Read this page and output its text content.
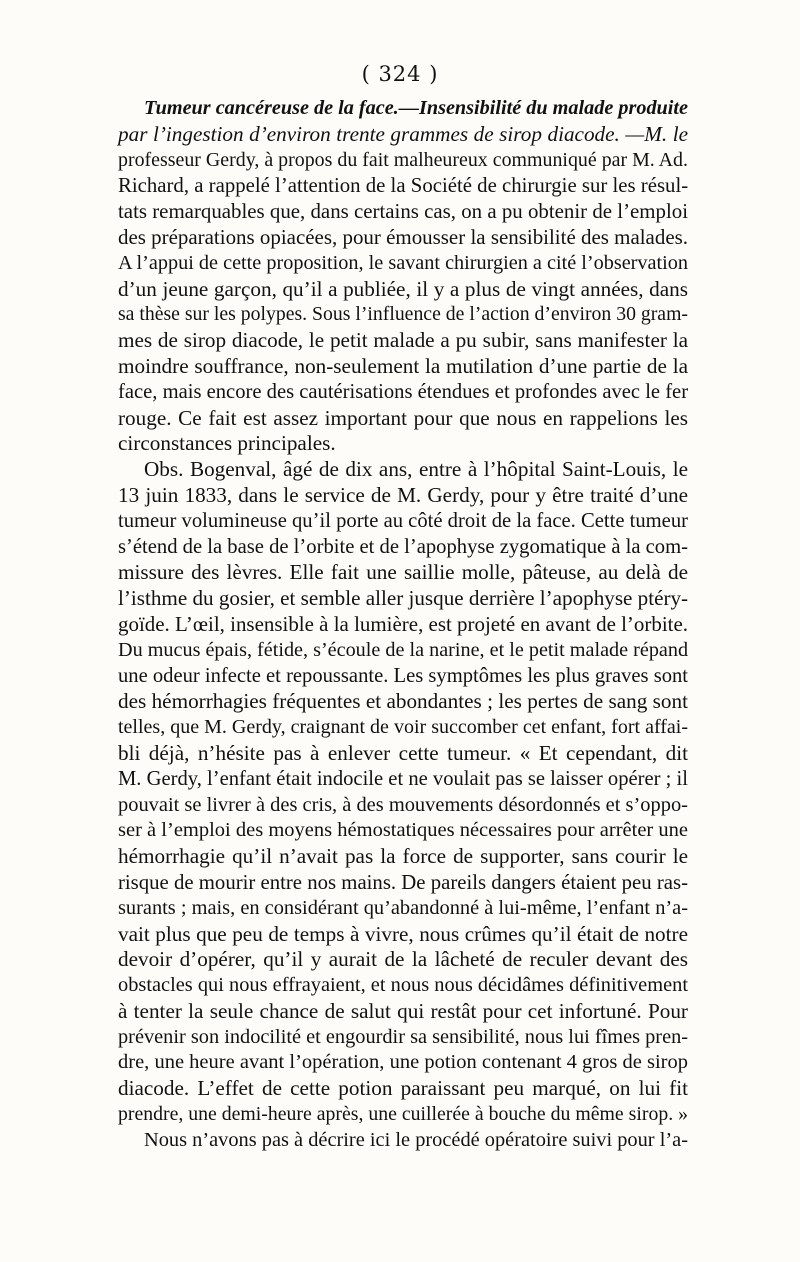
( 324 )

Tumeur cancéreuse de la face.—Insensibilité du malade produite
par l’ingestion d’environ trente grammes de sirop diacode. —M. le
professeur Gerdy, à propos du fait malheureux communiqué par M. Ad.
Richard, a rappelé l’attention de la Société de chirurgie sur les résul-
tats remarquables que, dans certains cas, on a pu obtenir de l’emploi
des préparations opiacées, pour émousser la sensibilité des malades.
A l’appui de cette proposition, le savant chirurgien a cité l’observation
d’un jeune garçon, qu’il a publiée, il y a plus de vingt années, dans
sa thèse sur les polypes. Sous l’influence de l’action d’environ 30 gram-
mes de sirop diacode, le petit malade a pu subir, sans manifester la
moindre souffrance, non-seulement la mutilation d’une partie de la
face, mais encore des cautérisations étendues et profondes avec le fer
rouge. Ce fait est assez important pour que nous en rappelions les
circonstances principales.

Obs. Bogenval, âgé de dix ans, entre à l’hôpital Saint-Louis, le
13 juin 1833, dans le service de M. Gerdy, pour y être traité d’une
tumeur volumineuse qu’il porte au côté droit de la face. Cette tumeur
s’étend de la base de l’orbite et de l’apophyse zygomatique à la com-
missure des lèvres. Elle fait une saillie molle, pâteuse, au delà de
l’isthme du gosier, et semble aller jusque derrière l’apophyse ptéry-
goïde. L’œil, insensible à la lumière, est projeté en avant de l’orbite.
Du mucus épais, fétide, s’écoule de la narine, et le petit malade répand
une odeur infecte et repoussante. Les symptômes les plus graves sont
des hémorrhagies fréquentes et abondantes ; les pertes de sang sont
telles, que M. Gerdy, craignant de voir succomber cet enfant, fort affai-
bli déjà, n’hésite pas à enlever cette tumeur. « Et cependant, dit
M. Gerdy, l’enfant était indocile et ne voulait pas se laisser opérer ; il
pouvait se livrer à des cris, à des mouvements désordonnés et s’oppo-
ser à l’emploi des moyens hémostatiques nécessaires pour arrêter une
hémorrhagie qu’il n’avait pas la force de supporter, sans courir le
risque de mourir entre nos mains. De pareils dangers étaient peu ras-
surants ; mais, en considérant qu’abandonné à lui-même, l’enfant n’a-
vait plus que peu de temps à vivre, nous crûmes qu’il était de notre
devoir d’opérer, qu’il y aurait de la lâcheté de reculer devant des
obstacles qui nous effrayaient, et nous nous décidâmes définitivement
à tenter la seule chance de salut qui restât pour cet infortuné. Pour
prévenir son indocilité et engourdir sa sensibilité, nous lui fîmes pren-
dre, une heure avant l’opération, une potion contenant 4 gros de sirop
diacode. L’effet de cette potion paraissant peu marqué, on lui fit
prendre, une demi-heure après, une cuillerée à bouche du même sirop. »

Nous n’avons pas à décrire ici le procédé opératoire suivi pour l’a-
